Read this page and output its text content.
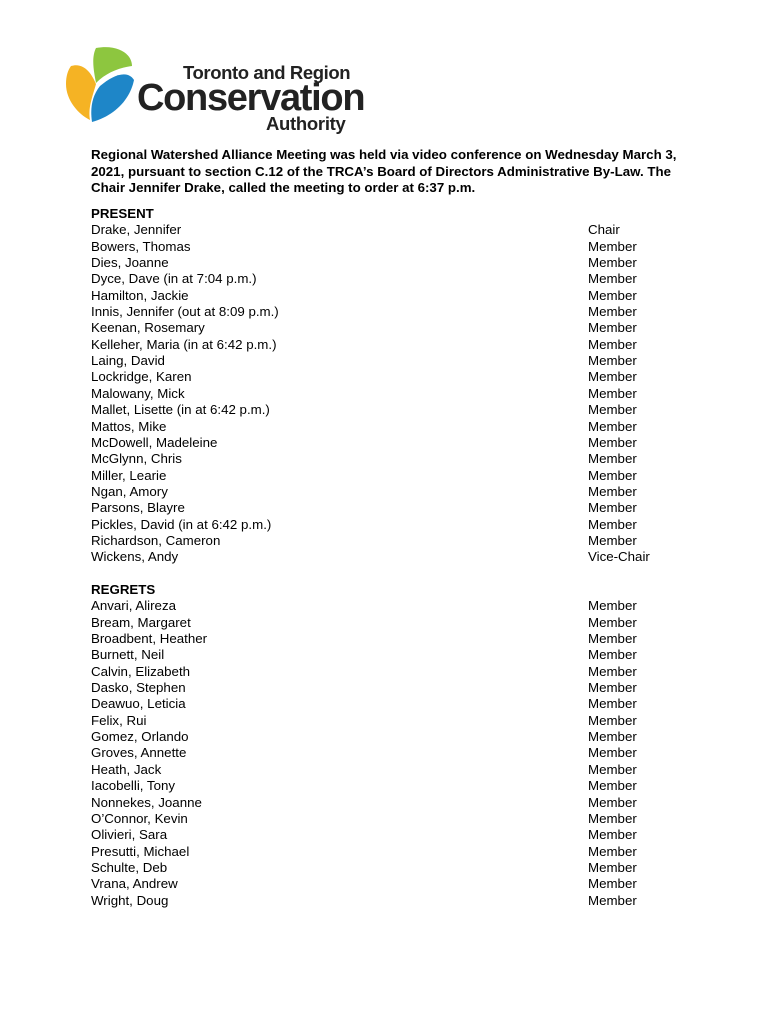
Toronto and Region
Conservation
Authority

Regional Watershed Alliance Meeting was held via video conference on Wednesday March 3, 2021, pursuant to section C.12 of the TRCA’s Board of Directors Administrative By-Law. The Chair Jennifer Drake, called the meeting to order at 6:37 p.m.

PRESENT
Drake, Jennifer	Chair
Bowers, Thomas	Member
Dies, Joanne	Member
Dyce, Dave (in at 7:04 p.m.)	Member
Hamilton, Jackie	Member
Innis, Jennifer (out at 8:09 p.m.)	Member
Keenan, Rosemary	Member
Kelleher, Maria (in at 6:42 p.m.)	Member
Laing, David	Member
Lockridge, Karen	Member
Malowany, Mick	Member
Mallet, Lisette (in at 6:42 p.m.)	Member
Mattos, Mike	Member
McDowell, Madeleine	Member
McGlynn, Chris	Member
Miller, Learie	Member
Ngan, Amory	Member
Parsons, Blayre	Member
Pickles, David (in at 6:42 p.m.)	Member
Richardson, Cameron	Member
Wickens, Andy	Vice-Chair
REGRETS
Anvari, Alireza	Member
Bream, Margaret	Member
Broadbent, Heather	Member
Burnett, Neil	Member
Calvin, Elizabeth	Member
Dasko, Stephen	Member
Deawuo, Leticia	Member
Felix, Rui	Member
Gomez, Orlando	Member
Groves, Annette	Member
Heath, Jack	Member
Iacobelli, Tony	Member
Nonnekes, Joanne	Member
O’Connor, Kevin	Member
Olivieri, Sara	Member
Presutti, Michael	Member
Schulte, Deb	Member
Vrana, Andrew	Member
Wright, Doug	Member
